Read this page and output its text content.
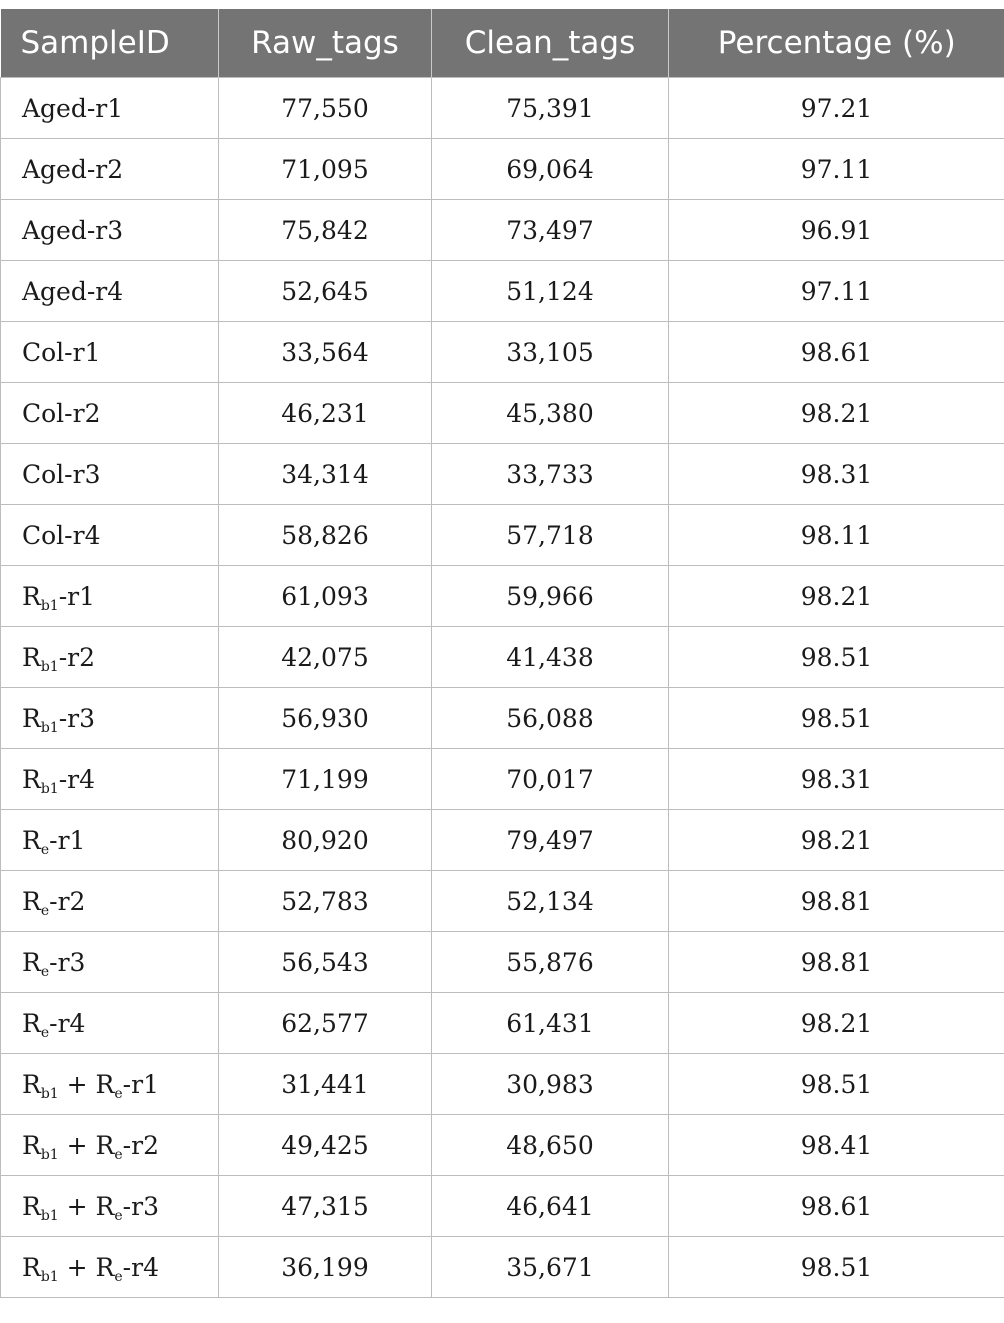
SampleID	Raw_tags	Clean_tags	Percentage (%)
Aged-r1	77,550	75,391	97.21
Aged-r2	71,095	69,064	97.11
Aged-r3	75,842	73,497	96.91
Aged-r4	52,645	51,124	97.11
Col-r1	33,564	33,105	98.61
Col-r2	46,231	45,380	98.21
Col-r3	34,314	33,733	98.31
Col-r4	58,826	57,718	98.11
$R_{b1}-r1$	61,093	59,966	98.21
$R_{b1}-r2$	42,075	41,438	98.51
$R_{b1}-r3$	56,930	56,088	98.51
$R_{b1}-r4$	71,199	70,017	98.31
$R_e-r1$	80,920	79,497	98.21
$R_e-r2$	52,783	52,134	98.81
$R_e-r3$	56,543	55,876	98.81
$R_e-r4$	62,577	61,431	98.21
$R_{b1} + R_e-r1$	31,441	30,983	98.51
$R_{b1} + R_e-r2$	49,425	48,650	98.41
$R_{b1} + R_e-r3$	47,315	46,641	98.61
$R_{b1} + R_e-r4$	36,199	35,671	98.51
